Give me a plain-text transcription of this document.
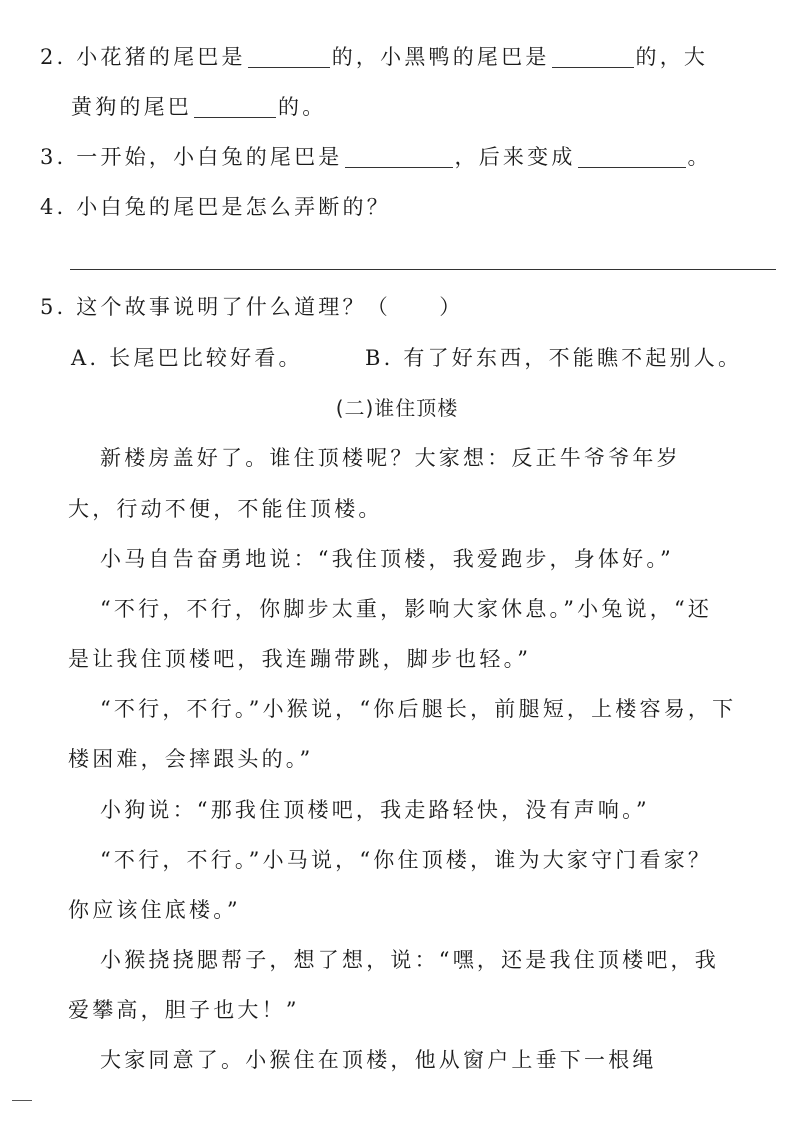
2. 小花猪的尾巴是	的，小黑鸭的尾巴是	的，大
黄狗的尾巴	的。
3. 一开始，小白兔的尾巴是	，后来变成	。
4. 小白兔的尾巴是怎么弄断的？
5. 这个故事说明了什么道理？（　　）
A. 长尾巴比较好看。	B. 有了好东西，不能瞧不起别人。
(二)谁住顶楼
新楼房盖好了。谁住顶楼呢？大家想：反正牛爷爷年岁
大，行动不便，不能住顶楼。
小马自告奋勇地说：“我住顶楼，我爱跑步，身体好。”
“不行，不行，你脚步太重，影响大家休息。”小兔说，“还
是让我住顶楼吧，我连蹦带跳，脚步也轻。”
“不行，不行。”小猴说，“你后腿长，前腿短，上楼容易，下
楼困难，会摔跟头的。”
小狗说：“那我住顶楼吧，我走路轻快，没有声响。”
“不行，不行。”小马说，“你住顶楼，谁为大家守门看家？
你应该住底楼。”
小猴挠挠腮帮子，想了想，说：“嘿，还是我住顶楼吧，我
爱攀高，胆子也大！”
大家同意了。小猴住在顶楼，他从窗户上垂下一根绳
